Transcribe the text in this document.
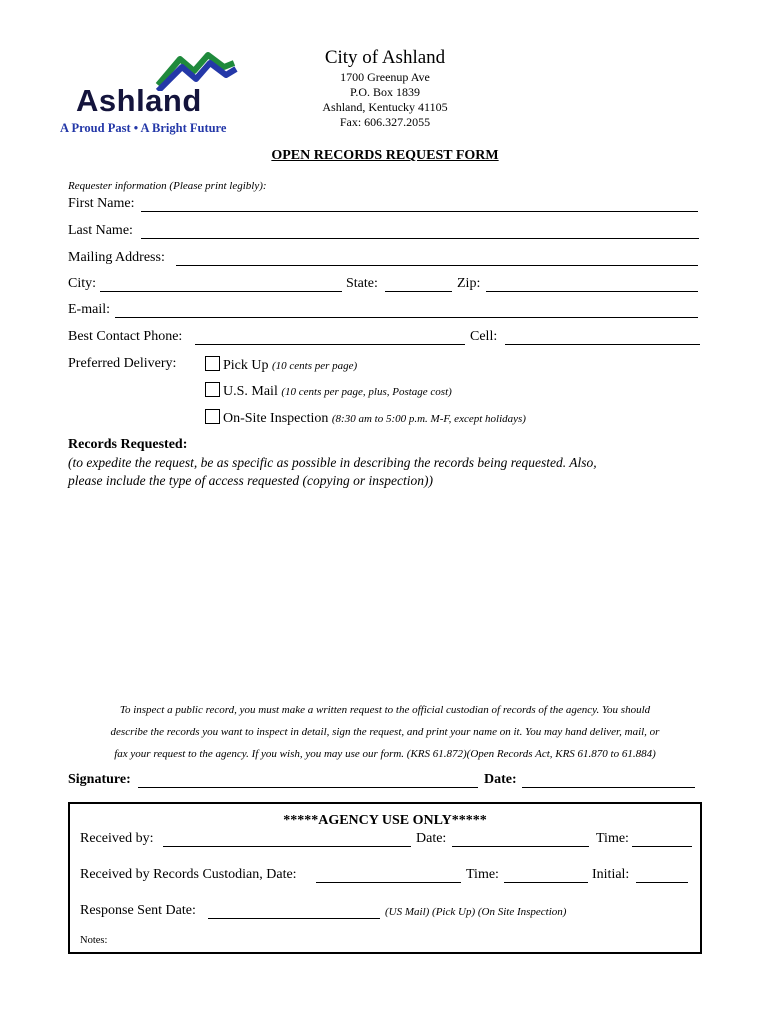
Ashland
A Proud Past • A Bright Future
City of Ashland
1700 Greenup Ave
P.O. Box 1839
Ashland, Kentucky 41105
Fax: 606.327.2055
OPEN RECORDS REQUEST FORM
Requester information (Please print legibly):
First Name:
Last Name:
Mailing Address:
City:	State:	Zip:
E-mail:
Best Contact Phone:	Cell:
Preferred Delivery:	Pick Up (10 cents per page)
U.S. Mail (10 cents per page, plus, Postage cost)
On-Site Inspection (8:30 am to 5:00 p.m. M-F, except holidays)
Records Requested:
(to expedite the request, be as specific as possible in describing the records being requested. Also,
please include the type of access requested (copying or inspection))
To inspect a public record, you must make a written request to the official custodian of records of the agency. You should
describe the records you want to inspect in detail, sign the request, and print your name on it. You may hand deliver, mail, or
fax your request to the agency. If you wish, you may use our form. (KRS 61.872)(Open Records Act, KRS 61.870 to 61.884)
Signature:	Date:
*****AGENCY USE ONLY*****
Received by:	Date:	Time:
Received by Records Custodian, Date:	Time:	Initial:
Response Sent Date:	(US Mail) (Pick Up) (On Site Inspection)
Notes:
